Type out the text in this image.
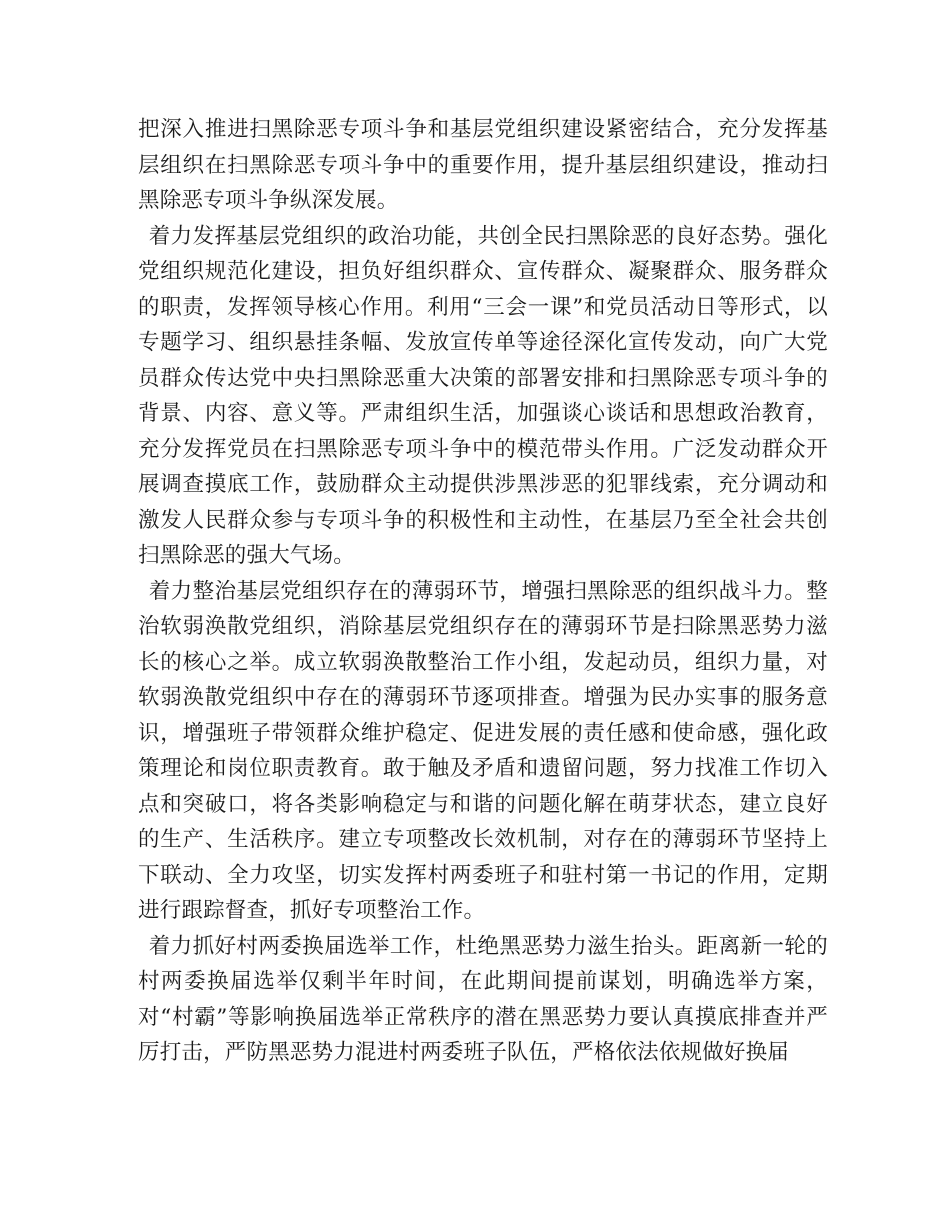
把深入推进扫黑除恶专项斗争和基层党组织建设紧密结合，充分发挥基层组织在扫黑除恶专项斗争中的重要作用，提升基层组织建设，推动扫黑除恶专项斗争纵深发展。

着力发挥基层党组织的政治功能，共创全民扫黑除恶的良好态势。强化党组织规范化建设，担负好组织群众、宣传群众、凝聚群众、服务群众的职责，发挥领导核心作用。利用“三会一课”和党员活动日等形式，以专题学习、组织悬挂条幅、发放宣传单等途径深化宣传发动，向广大党员群众传达党中央扫黑除恶重大决策的部署安排和扫黑除恶专项斗争的背景、内容、意义等。严肃组织生活，加强谈心谈话和思想政治教育，充分发挥党员在扫黑除恶专项斗争中的模范带头作用。广泛发动群众开展调查摸底工作，鼓励群众主动提供涉黑涉恶的犯罪线索，充分调动和激发人民群众参与专项斗争的积极性和主动性，在基层乃至全社会共创扫黑除恶的强大气场。

着力整治基层党组织存在的薄弱环节，增强扫黑除恶的组织战斗力。整治软弱涣散党组织，消除基层党组织存在的薄弱环节是扫除黑恶势力滋长的核心之举。成立软弱涣散整治工作小组，发起动员，组织力量，对软弱涣散党组织中存在的薄弱环节逐项排查。增强为民办实事的服务意识，增强班子带领群众维护稳定、促进发展的责任感和使命感，强化政策理论和岗位职责教育。敢于触及矛盾和遗留问题，努力找准工作切入点和突破口，将各类影响稳定与和谐的问题化解在萌芽状态，建立良好的生产、生活秩序。建立专项整改长效机制，对存在的薄弱环节坚持上下联动、全力攻坚，切实发挥村两委班子和驻村第一书记的作用，定期进行跟踪督查，抓好专项整治工作。

着力抓好村两委换届选举工作，杜绝黑恶势力滋生抬头。距离新一轮的村两委换届选举仅剩半年时间，在此期间提前谋划，明确选举方案，对“村霸”等影响换届选举正常秩序的潜在黑恶势力要认真摸底排查并严厉打击，严防黑恶势力混进村两委班子队伍，严格依法依规做好换届
